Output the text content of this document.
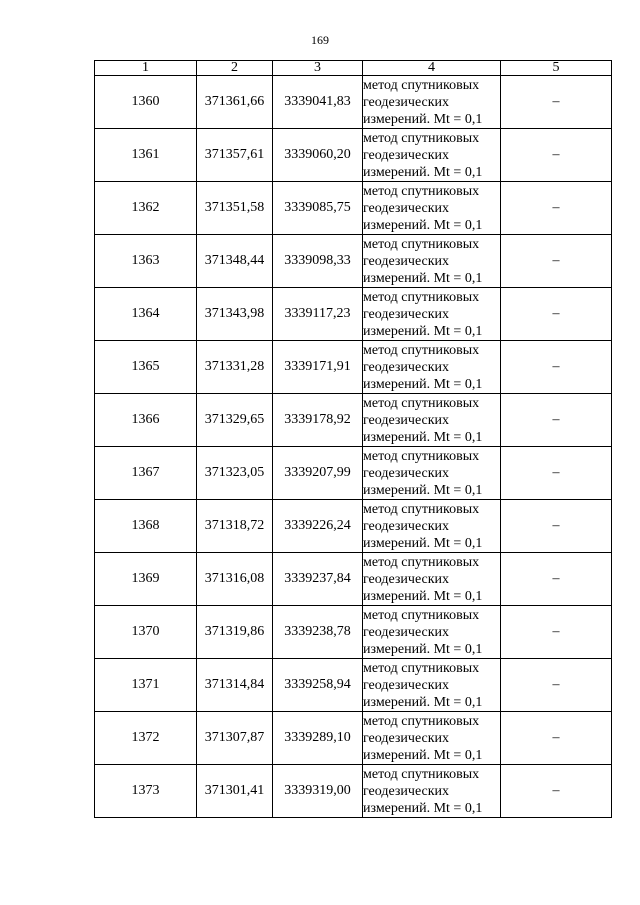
169
1	2	3	4	5
1360	371361,66	3339041,83	метод спутниковых
геодезических
измерений. Mt = 0,1	–
1361	371357,61	3339060,20	метод спутниковых
геодезических
измерений. Mt = 0,1	–
1362	371351,58	3339085,75	метод спутниковых
геодезических
измерений. Mt = 0,1	–
1363	371348,44	3339098,33	метод спутниковых
геодезических
измерений. Mt = 0,1	–
1364	371343,98	3339117,23	метод спутниковых
геодезических
измерений. Mt = 0,1	–
1365	371331,28	3339171,91	метод спутниковых
геодезических
измерений. Mt = 0,1	–
1366	371329,65	3339178,92	метод спутниковых
геодезических
измерений. Mt = 0,1	–
1367	371323,05	3339207,99	метод спутниковых
геодезических
измерений. Mt = 0,1	–
1368	371318,72	3339226,24	метод спутниковых
геодезических
измерений. Mt = 0,1	–
1369	371316,08	3339237,84	метод спутниковых
геодезических
измерений. Mt = 0,1	–
1370	371319,86	3339238,78	метод спутниковых
геодезических
измерений. Mt = 0,1	–
1371	371314,84	3339258,94	метод спутниковых
геодезических
измерений. Mt = 0,1	–
1372	371307,87	3339289,10	метод спутниковых
геодезических
измерений. Mt = 0,1	–
1373	371301,41	3339319,00	метод спутниковых
геодезических
измерений. Mt = 0,1	–
